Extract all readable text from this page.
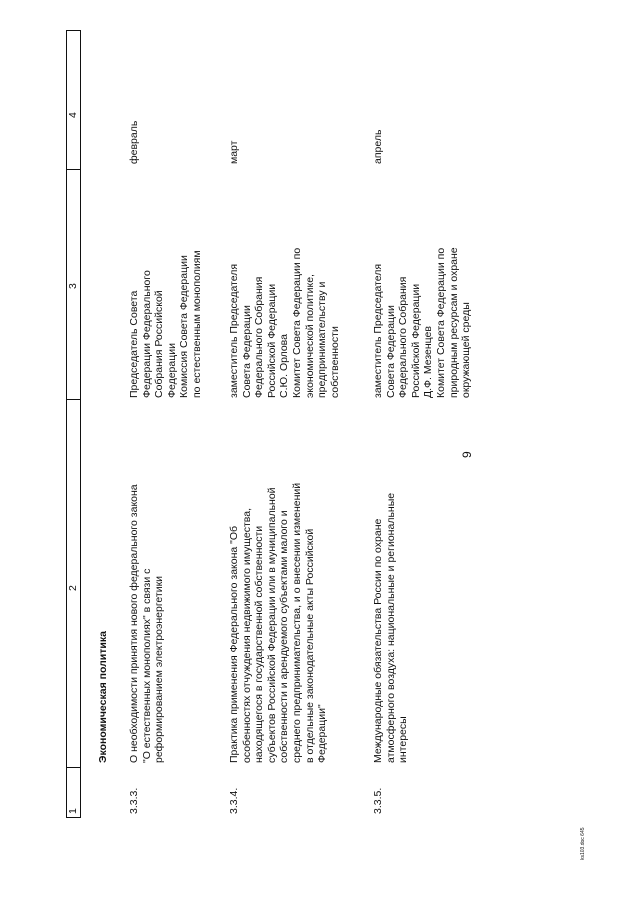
9
1
2
3
4
Экономическая политика
3.3.3.
О необходимости принятия нового федерального закона
"О естественных монополиях" в связи с
реформированием электроэнергетики
Председатель Совета
Федерации Федерального
Собрания Российской
Федерации
Комиссия Совета Федерации
по естественным монополиям
февраль
3.3.4.
Практика применения Федерального закона "Об
особенностях отчуждения недвижимого имущества,
находящегося в государственной собственности
субъектов Российской Федерации или в муниципальной
собственности и арендуемого субъектами малого и
среднего предпринимательства, и о внесении изменений
в отдельные законодательные акты Российской
Федерации"
заместитель Председателя
Совета Федерации
Федерального Собрания
Российской Федерации
С.Ю. Орлова
Комитет Совета Федерации по
экономической политике,
предпринимательству и
собственности
март
3.3.5.
Международные обязательства России по охране
атмосферного воздуха: национальные и региональные
интересы
заместитель Председателя
Совета Федерации
Федерального Собрания
Российской Федерации
Д.Ф. Мезенцев
Комитет Совета Федерации по
природным ресурсам и охране
окружающей среды
апрель
ks103.doc 645
